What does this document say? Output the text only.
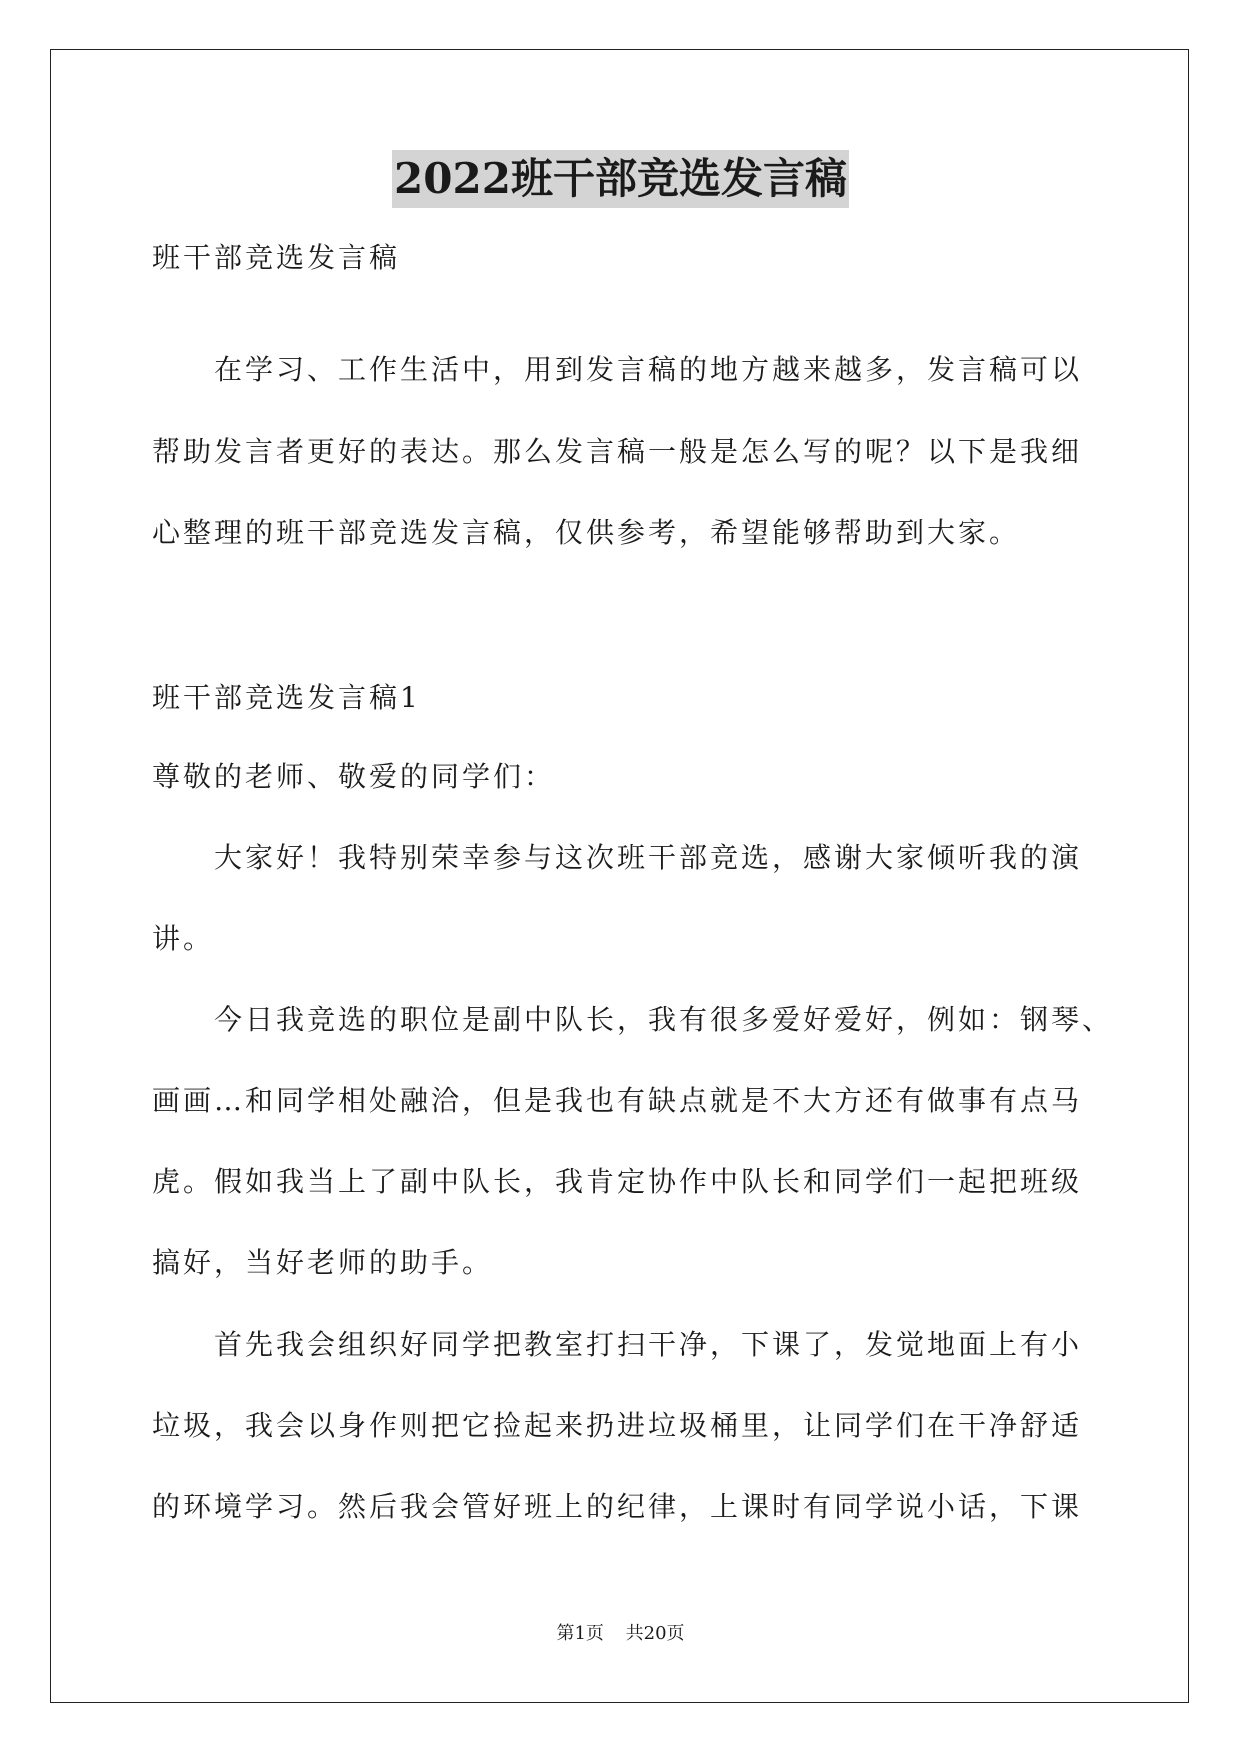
2022班干部竞选发言稿
班干部竞选发言稿
　　在学习、工作生活中，用到发言稿的地方越来越多，发言稿可以
帮助发言者更好的表达。那么发言稿一般是怎么写的呢？以下是我细
心整理的班干部竞选发言稿，仅供参考，希望能够帮助到大家。
班干部竞选发言稿1
尊敬的老师、敬爱的同学们：
　　大家好！我特别荣幸参与这次班干部竞选，感谢大家倾听我的演
讲。
　　今日我竞选的职位是副中队长，我有很多爱好爱好，例如：钢琴、
画画…和同学相处融洽，但是我也有缺点就是不大方还有做事有点马
虎。假如我当上了副中队长，我肯定协作中队长和同学们一起把班级
搞好，当好老师的助手。
　　首先我会组织好同学把教室打扫干净，下课了，发觉地面上有小
垃圾，我会以身作则把它捡起来扔进垃圾桶里，让同学们在干净舒适
的环境学习。然后我会管好班上的纪律，上课时有同学说小话，下课
第1页 共20页
